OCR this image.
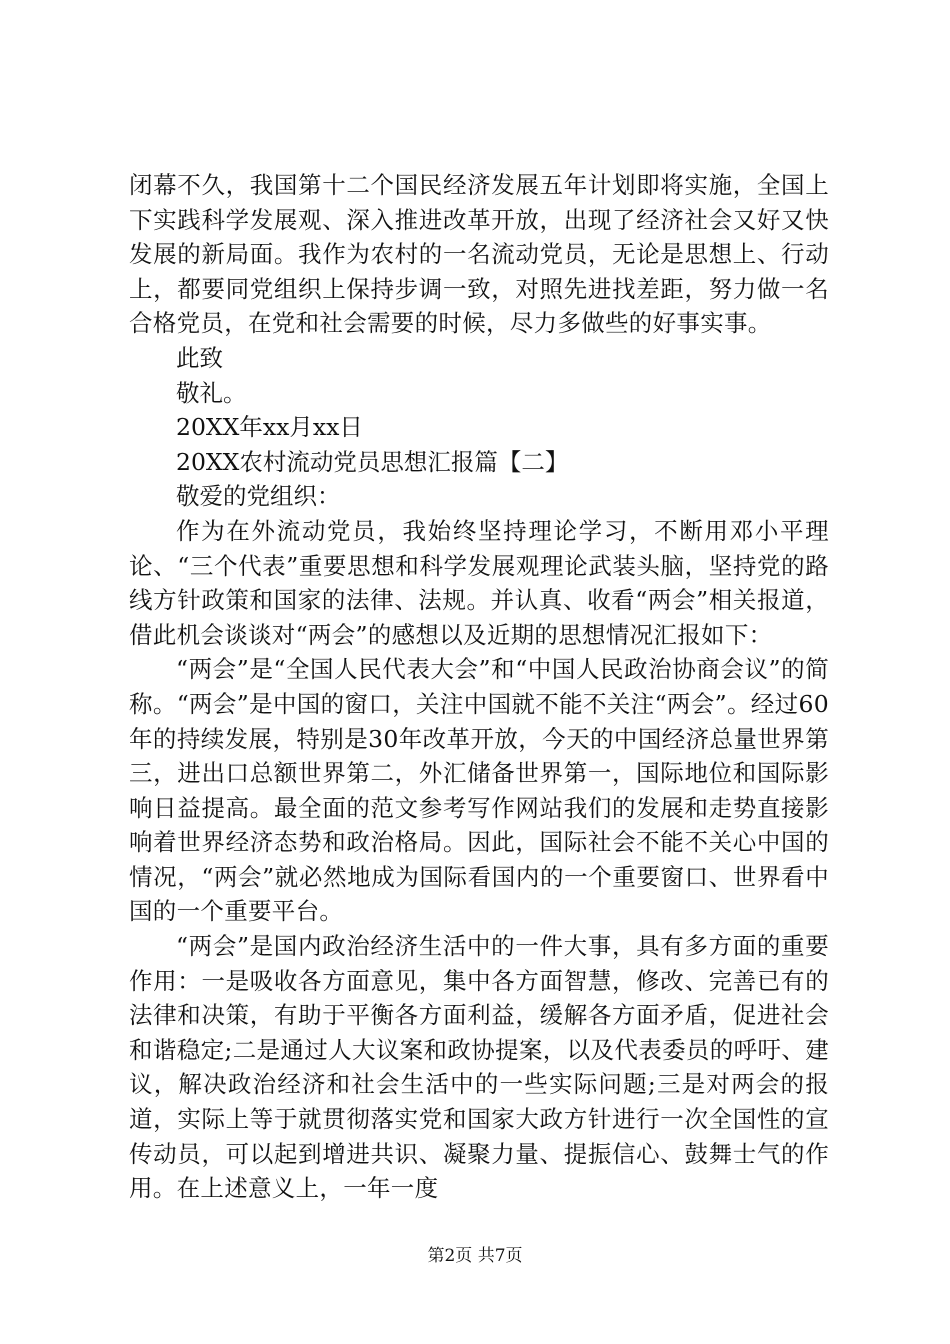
闭幕不久，我国第十二个国民经济发展五年计划即将实施，全国上下实践科学发展观、深入推进改革开放，出现了经济社会又好又快发展的新局面。我作为农村的一名流动党员，无论是思想上、行动上，都要同党组织上保持步调一致，对照先进找差距，努力做一名合格党员，在党和社会需要的时候，尽力多做些的好事实事。

此致

敬礼。

20XX年xx月xx日

20XX农村流动党员思想汇报篇【二】

敬爱的党组织：

作为在外流动党员，我始终坚持理论学习，不断用邓小平理论、“三个代表”重要思想和科学发展观理论武装头脑，坚持党的路线方针政策和国家的法律、法规。并认真、收看“两会”相关报道，借此机会谈谈对“两会”的感想以及近期的思想情况汇报如下：

“两会”是“全国人民代表大会”和“中国人民政治协商会议”的简称。“两会”是中国的窗口，关注中国就不能不关注“两会”。经过60年的持续发展，特别是30年改革开放，今天的中国经济总量世界第三，进出口总额世界第二，外汇储备世界第一，国际地位和国际影响日益提高。最全面的范文参考写作网站我们的发展和走势直接影响着世界经济态势和政治格局。因此，国际社会不能不关心中国的情况，“两会”就必然地成为国际看国内的一个重要窗口、世界看中国的一个重要平台。

“两会”是国内政治经济生活中的一件大事，具有多方面的重要作用：一是吸收各方面意见，集中各方面智慧，修改、完善已有的法律和决策，有助于平衡各方面利益，缓解各方面矛盾，促进社会和谐稳定;二是通过人大议案和政协提案，以及代表委员的呼吁、建议，解决政治经济和社会生活中的一些实际问题;三是对两会的报道，实际上等于就贯彻落实党和国家大政方针进行一次全国性的宣传动员，可以起到增进共识、凝聚力量、提振信心、鼓舞士气的作用。在上述意义上，一年一度

第2页 共7页
